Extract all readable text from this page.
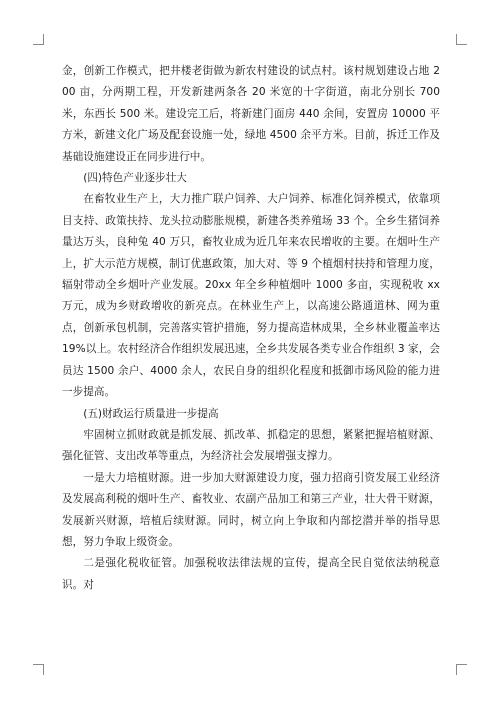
金，创新工作模式，把井楼老街做为新农村建设的试点村。该村规划建设占地 200 亩，分两期工程，开发新建两条各 20 米宽的十字街道，南北分别长 700 米，东西长 500 米。建设完工后，将新建门面房 440 余间，安置房 10000 平方米，新建文化广场及配套设施一处，绿地 4500 余平方米。目前，拆迁工作及基础设施建设正在同步进行中。

(四)特色产业逐步壮大

在畜牧业生产上，大力推广联户饲养、大户饲养、标准化饲养模式，依靠项目支持、政策扶持、龙头拉动膨胀规模，新建各类养殖场 33 个。全乡生猪饲养量达万头，良种兔 40 万只，畜牧业成为近几年来农民增收的主要。在烟叶生产上，扩大示范方规模，制订优惠政策，加大对、等 9 个植烟村扶持和管理力度，辐射带动全乡烟叶产业发展。20xx 年全乡种植烟叶 1000 多亩，实现税收 xx 万元，成为乡财政增收的新亮点。在林业生产上，以高速公路通道林、网为重点，创新承包机制，完善落实管护措施，努力提高造林成果，全乡林业覆盖率达 19%以上。农村经济合作组织发展迅速，全乡共发展各类专业合作组织 3 家，会员达 1500 余户、4000 余人，农民自身的组织化程度和抵御市场风险的能力进一步提高。

(五)财政运行质量进一步提高

牢固树立抓财政就是抓发展、抓改革、抓稳定的思想，紧紧把握培植财源、强化征管、支出改革等重点，为经济社会发展增强支撑力。

一是大力培植财源。进一步加大财源建设力度，强力招商引资发展工业经济及发展高利税的烟叶生产、畜牧业、农副产品加工和第三产业，壮大骨干财源，发展新兴财源，培植后续财源。同时，树立向上争取和内部挖潜并举的指导思想，努力争取上级资金。

二是强化税收征管。加强税收法律法规的宣传，提高全民自觉依法纳税意识。对
